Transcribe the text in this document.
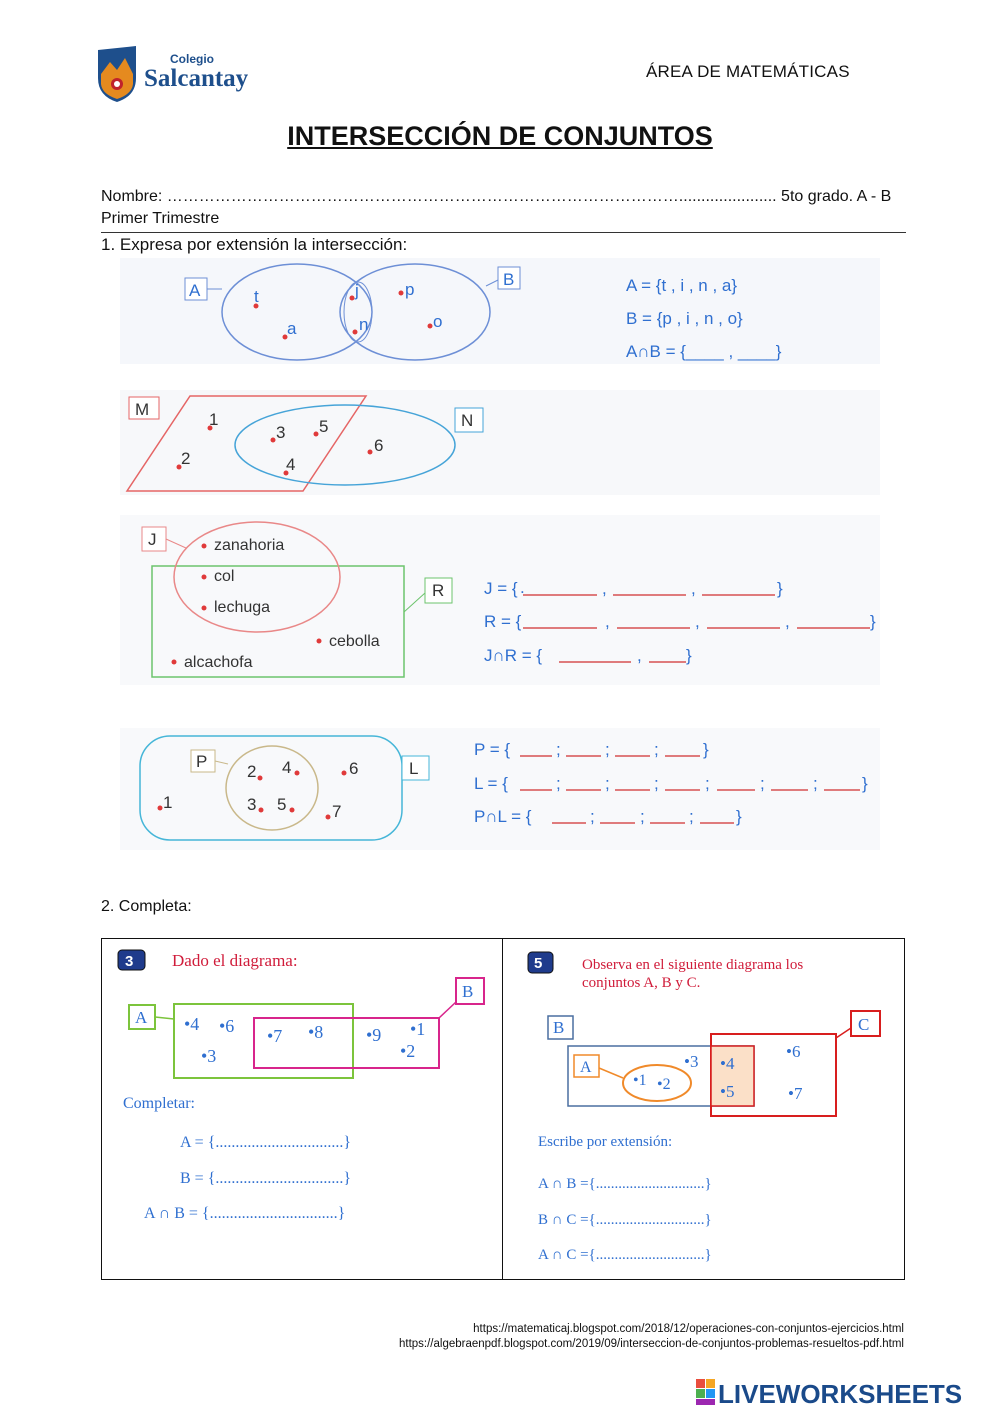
Colegio
Salcantay	ÁREA DE MATEMÁTICAS
INTERSECCIÓN DE CONJUNTOS
Nombre: ……………………………………………………………………………………...................... 5to grado. A - B
Primer Trimestre
1. Expresa por extensión la intersección:
A
B
t
a
j
n
p
o
A = {t , i , n , a}
B = {p , i , n , o}
A∩B = {____ , ____}
M
N
1
2
3 5
4
6
J
R
zanahoria
col
lechuga
cebolla
alcachofa
J = { .	,	,	}
R = {	,	,	,	}
J∩R = {	,	}
P	L
2 4
3 5
6
1	7
P = {	;	;	;	}
L = {	;	;	;	;	;	;	}
P∩L = {	;	;	; }
2. Completa:
3 Dado el diagrama:
A
B
•4 •6
•3
•7 •8 •9 •1
•2
Completar:
A = {................................}
B = {................................}
A ∩ B = {................................}
5	Observa en el siguiente diagrama los
conjuntos A, B y C.
B
A
C
•1 •2
•3 •4
•5
•6
•7
Escribe por extensión:
A ∩ B ={.............................}
B ∩ C ={.............................}
A ∩ C ={.............................}
https://matematicaj.blogspot.com/2018/12/operaciones-con-conjuntos-ejercicios.html
https://algebraenpdf.blogspot.com/2019/09/interseccion-de-conjuntos-problemas-resueltos-pdf.html
LIVEWORKSHEETS
